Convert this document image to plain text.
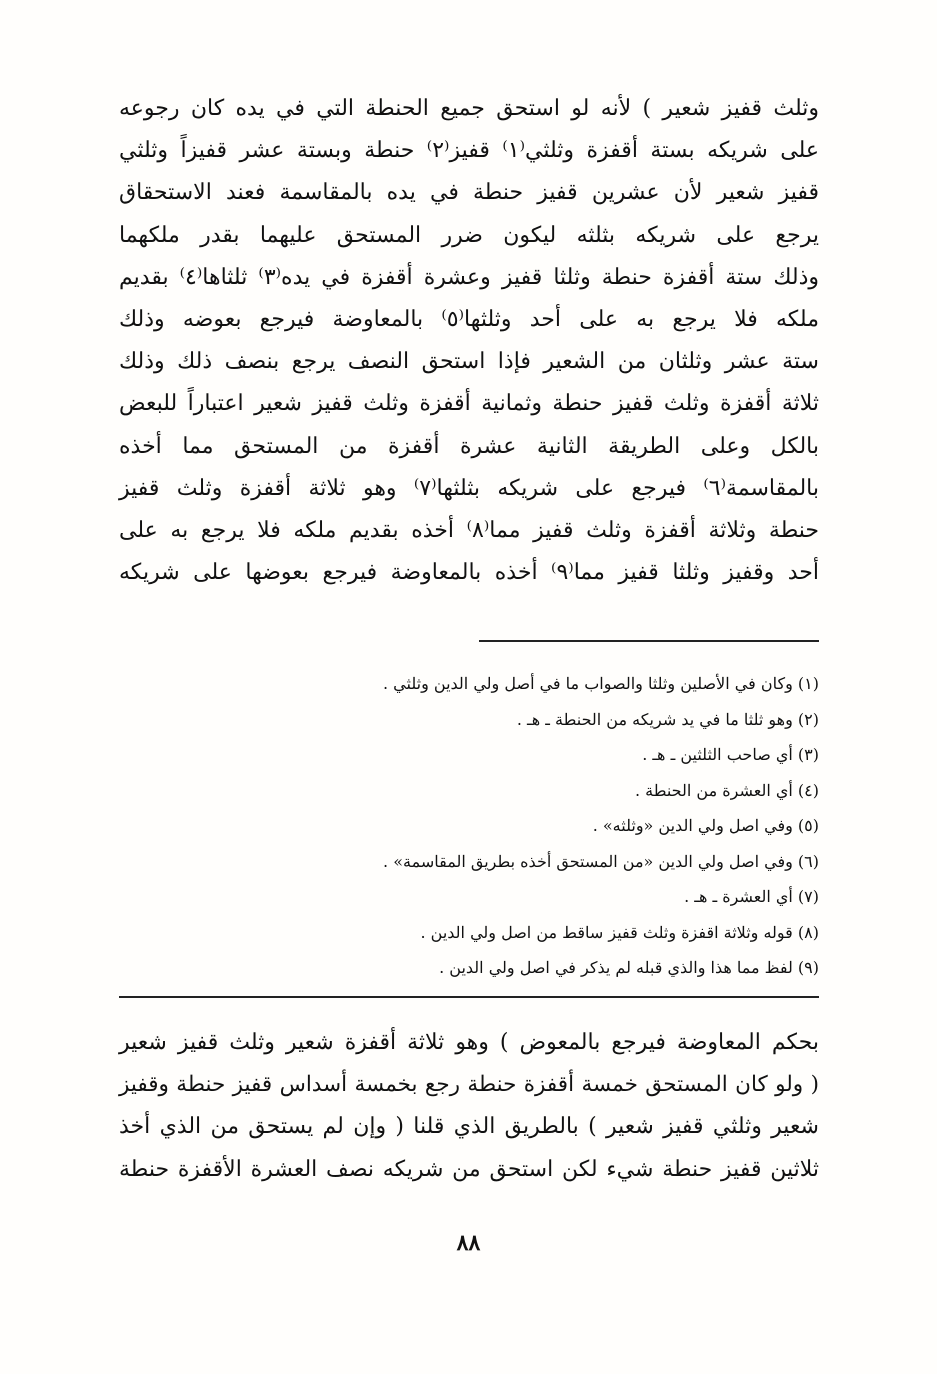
وثلث قفيز شعير ) لأنه لو استحق جميع الحنطة التي في يده كان رجوعه
على شريكه بستة أقفزة وثلثي⁽١⁾ قفيز⁽٢⁾ حنطة وبستة عشر قفيزاً وثلثي
قفيز شعير لأن عشرين قفيز حنطة في يده بالمقاسمة فعند الاستحقاق
يرجع على شريكه بثلثه ليكون ضرر المستحق عليهما بقدر ملكهما
وذلك ستة أقفزة حنطة وثلثا قفيز وعشرة أقفزة في يده⁽٣⁾ ثلثاها⁽٤⁾ بقديم
ملكه فلا يرجع به على أحد وثلثها⁽٥⁾ بالمعاوضة فيرجع بعوضه وذلك
ستة عشر وثلثان من الشعير فإذا استحق النصف يرجع بنصف ذلك وذلك
ثلاثة أقفزة وثلث قفيز حنطة وثمانية أقفزة وثلث قفيز شعير اعتباراً للبعض
بالكل وعلى الطريقة الثانية عشرة أقفزة من المستحق مما أخذه
بالمقاسمة⁽٦⁾ فيرجع على شريكه بثلثها⁽٧⁾ وهو ثلاثة أقفزة وثلث قفيز
حنطة وثلاثة أقفزة وثلث قفيز مما⁽٨⁾ أخذه بقديم ملكه فلا يرجع به على
أحد وقفيز وثلثا قفيز مما⁽٩⁾ أخذه بالمعاوضة فيرجع بعوضها على شريكه
(١) وكان في الأصلين وثلثا والصواب ما في أصل ولي الدين وثلثي .
(٢) وهو ثلثا ما في يد شريكه من الحنطة ـ هـ .
(٣) أي صاحب الثلثين ـ هـ .
(٤) أي العشرة من الحنطة .
(٥) وفي اصل ولي الدين «وثلثه» .
(٦) وفي اصل ولي الدين «من المستحق أخذه بطريق المقاسمة» .
(٧) أي العشرة ـ هـ .
(٨) قوله وثلاثة اقفزة وثلث قفيز ساقط من اصل ولي الدين .
(٩) لفظ مما هذا والذي قبله لم يذكر في اصل ولي الدين .
بحكم المعاوضة فيرجع بالمعوض ) وهو ثلاثة أقفزة شعير وثلث قفيز شعير
( ولو كان المستحق خمسة أقفزة حنطة رجع بخمسة أسداس قفيز حنطة وقفيز
شعير وثلثي قفيز شعير ) بالطريق الذي قلنا ( وإن لم يستحق من الذي أخذ
ثلاثين قفيز حنطة شيء لكن استحق من شريكه نصف العشرة الأقفزة حنطة
٨٨
